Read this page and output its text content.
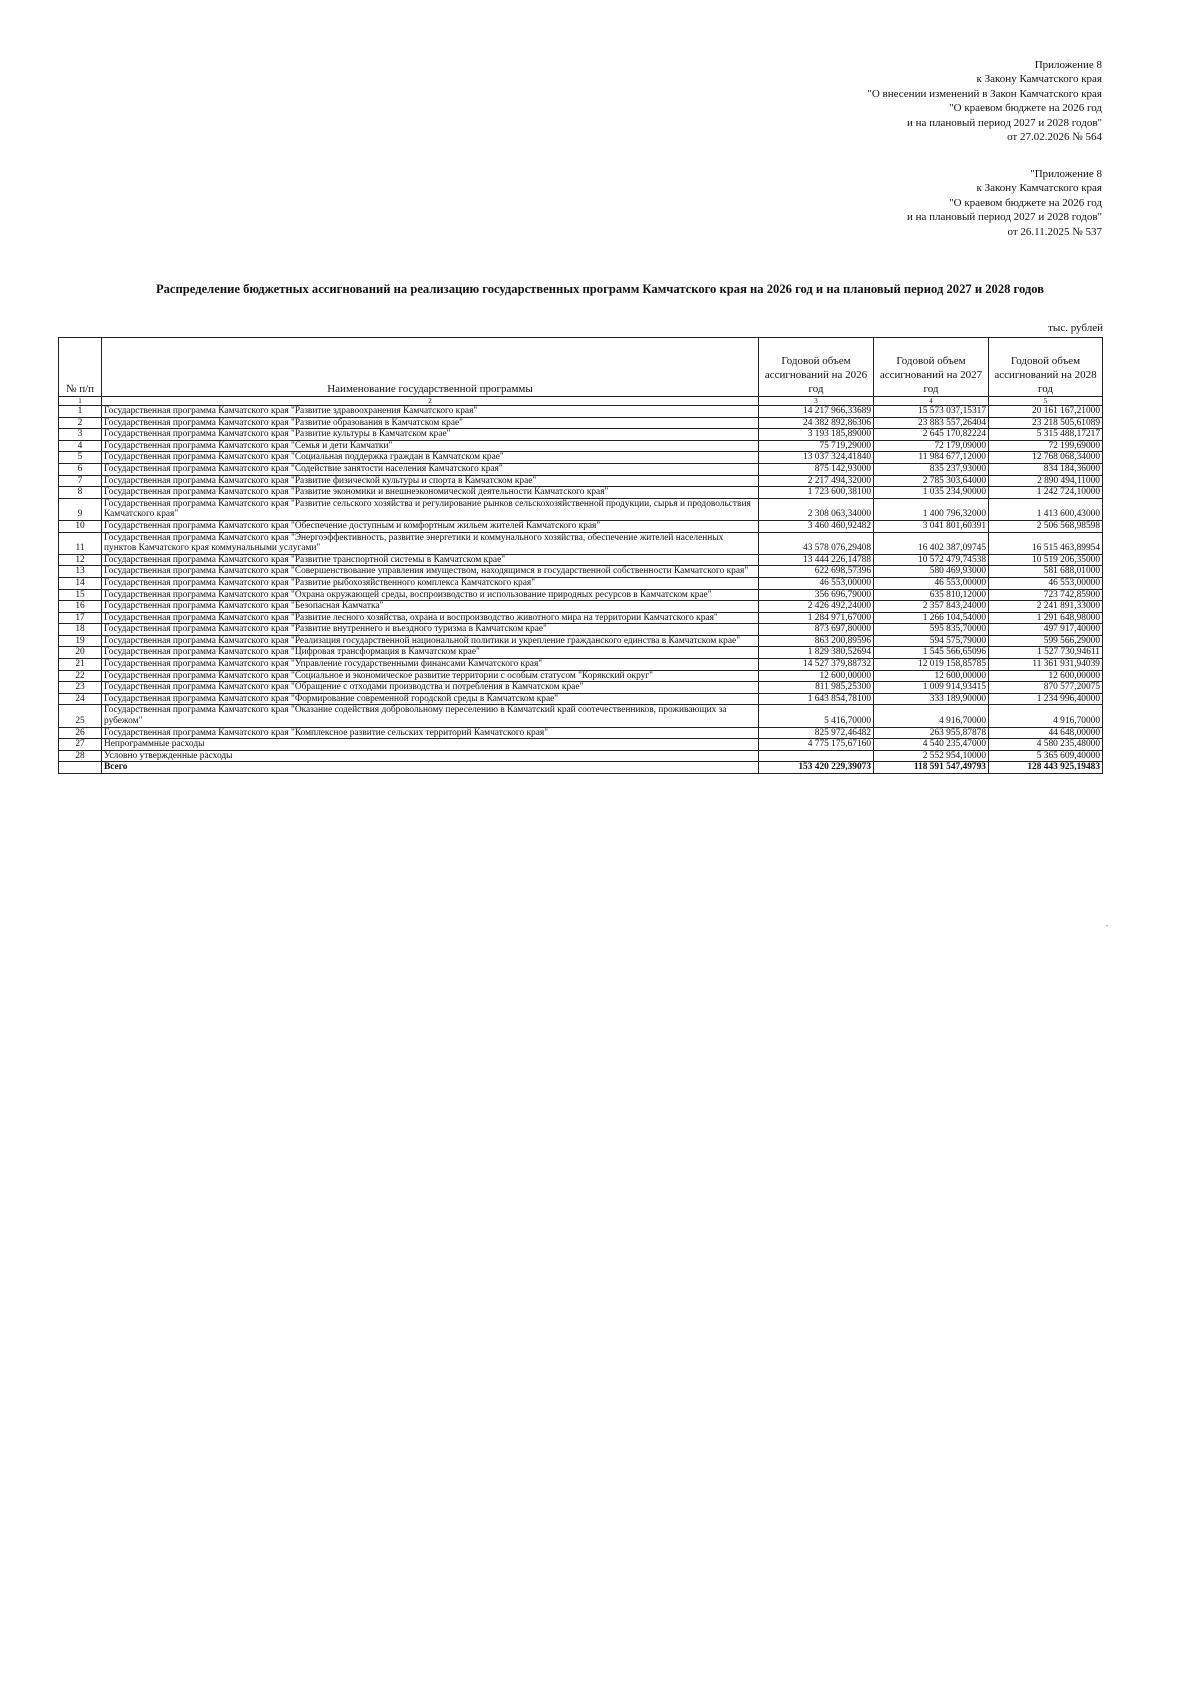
Приложение 8
к Закону Камчатского края
"О внесении изменений в Закон Камчатского края
"О краевом бюджете на 2026 год
и на плановый период 2027 и 2028 годов"
от 27.02.2026 № 564
"Приложение 8
к Закону Камчатского края
"О краевом бюджете на 2026 год
и на плановый период 2027 и 2028 годов"
от 26.11.2025 № 537
Распределение бюджетных ассигнований на реализацию государственных программ Камчатского края на 2026 год и на плановый период 2027 и 2028 годов
тыс. рублей
№ п/п	Наименование государственной программы	Годовой объем ассигнований на 2026 год	Годовой объем ассигнований на 2027 год	Годовой объем ассигнований на 2028 год
1	2	3	4	5
1	Государственная программа Камчатского края "Развитие здравоохранения Камчатского края"	14 217 966,33689	15 573 037,15317	20 161 167,21000
2	Государственная программа Камчатского края "Развитие образования в Камчатском крае"	24 382 892,86306	23 883 557,26404	23 218 505,61089
3	Государственная программа Камчатского края "Развитие культуры в Камчатском крае"	3 193 185,89000	2 645 170,82224	5 315 488,17217
4	Государственная программа Камчатского края "Семья и дети Камчатки"	75 719,29000	72 179,09000	72 199,69000
5	Государственная программа Камчатского края "Социальная поддержка граждан в Камчатском крае"	13 037 324,41840	11 984 677,12000	12 768 068,34000
6	Государственная программа Камчатского края "Содействие занятости населения Камчатского края"	875 142,93000	835 237,93000	834 184,36000
7	Государственная программа Камчатского края "Развитие физической культуры и спорта в Камчатском крае"	2 217 494,32000	2 785 303,64000	2 890 494,11000
8	Государственная программа Камчатского края "Развитие экономики и внешнеэкономической деятельности Камчатского края"	1 723 600,38100	1 035 234,90000	1 242 724,10000
9	Государственная программа Камчатского края "Развитие сельского хозяйства и регулирование рынков сельскохозяйственной продукции, сырья и продовольствия Камчатского края"	2 308 063,34000	1 400 796,32000	1 413 600,43000
10	Государственная программа Камчатского края "Обеспечение доступным и комфортным жильем жителей Камчатского края"	3 460 460,92482	3 041 801,60391	2 506 568,98598
11	Государственная программа Камчатского края "Энергоэффективность, развитие энергетики и коммунального хозяйства, обеспечение жителей населенных пунктов Камчатского края коммунальными услугами"	43 578 076,29408	16 402 387,09745	16 515 463,89954
12	Государственная программа Камчатского края "Развитие транспортной системы в Камчатском крае"	13 444 226,14788	10 572 479,74538	10 519 206,35000
13	Государственная программа Камчатского края "Совершенствование управления имуществом, находящимся в государственной собственности Камчатского края"	622 698,57396	580 469,93000	581 688,01000
14	Государственная программа Камчатского края "Развитие рыбохозяйственного комплекса Камчатского края"	46 553,00000	46 553,00000	46 553,00000
15	Государственная программа Камчатского края "Охрана окружающей среды, воспроизводство и использование природных ресурсов в Камчатском крае"	356 696,79000	635 810,12000	723 742,85900
16	Государственная программа Камчатского края "Безопасная Камчатка"	2 426 492,24000	2 357 843,24000	2 241 891,33000
17	Государственная программа Камчатского края "Развитие лесного хозяйства, охрана и воспроизводство животного мира на территории Камчатского края"	1 284 971,67000	1 266 104,54000	1 291 648,98000
18	Государственная программа Камчатского края "Развитие внутреннего и въездного туризма в Камчатском крае"	873 697,80000	595 835,70000	497 917,40000
19	Государственная программа Камчатского края "Реализация государственной национальной политики и укрепление гражданского единства в Камчатском крае"	863 200,89596	594 575,79000	599 566,29000
20	Государственная программа Камчатского края "Цифровая трансформация в Камчатском крае"	1 829 380,52694	1 545 566,65096	1 527 730,94611
21	Государственная программа Камчатского края "Управление государственными финансами Камчатского края"	14 527 379,88732	12 019 158,85785	11 361 931,94039
22	Государственная программа Камчатского края "Социальное и экономическое развитие территории с особым статусом "Корякский округ"	12 600,00000	12 600,00000	12 600,00000
23	Государственная программа Камчатского края "Обращение с отходами производства и потребления в Камчатском крае"	811 985,25300	1 009 914,93415	870 577,20075
24	Государственная программа Камчатского края "Формирование современной городской среды в Камчатском крае"	1 643 854,78100	333 189,90000	1 234 996,40000
25	Государственная программа Камчатского края "Оказание содействия добровольному переселению в Камчатский край соотечественников, проживающих за рубежом"	5 416,70000	4 916,70000	4 916,70000
26	Государственная программа Камчатского края "Комплексное развитие сельских территорий Камчатского края"	825 972,46482	263 955,87878	44 648,00000
27	Непрограммные расходы	4 775 175,67160	4 540 235,47000	4 580 235,48000
28	Условно утвержденные расходы		2 552 954,10000	5 365 609,40000
	Всего	153 420 229,39073	118 591 547,49793	128 443 925,19483
"
